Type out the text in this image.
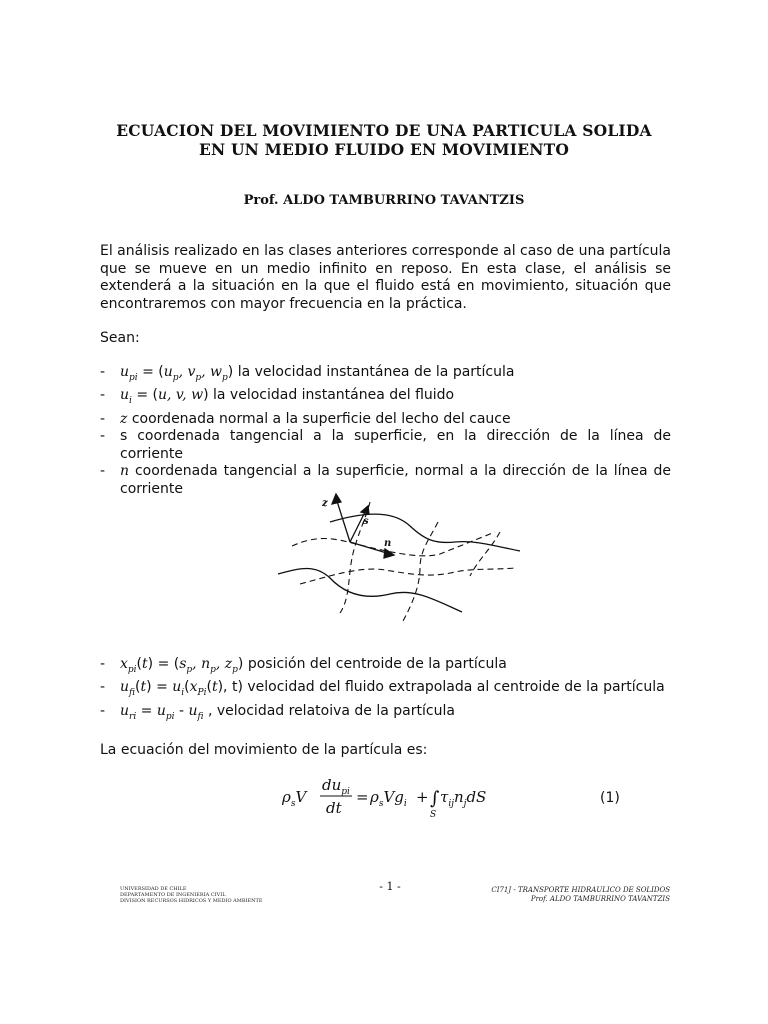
ECUACION DEL MOVIMIENTO DE UNA PARTICULA SOLIDA
EN UN MEDIO FLUIDO EN MOVIMIENTO
Prof. ALDO TAMBURRINO TAVANTZIS
El análisis realizado en las clases anteriores corresponde al caso de una partícula que se mueve en un medio infinito en reposo. En esta clase, el análisis se extenderá a la situación en la que el fluido está en movimiento, situación que encontraremos con mayor frecuencia en la práctica.
Sean:
- $u_{pi} = (u_p$, $v_p$, $w_p$) la velocidad instantánea de la partícula
- $u_i = (u$, v, w) la velocidad instantánea del fluido
- z coordenada normal a la superficie del lecho del cauce
- s coordenada tangencial a la superficie, en la dirección de la línea de corriente
- n coordenada tangencial a la superficie, normal a la dirección de la línea de corriente
z
s
n
- $x_{pi}(t) = (s_p$, $n_p$, $z_p$) posición del centroide de la partícula
- $u_{fi}(t) = u_i(x_{Pi}(t)$, t) velocidad del fluido extrapolada al centroide de la partícula
- $u_{ri} = u_{pi} - u_{fi}$ , velocidad relatoiva de la partícula
La ecuación del movimiento de la partícula es:
$\rho_sV$
$du_{pi}$
dt
= $\rho_sVg_i$ + ∫
S
$\tau_{ij}n_jdS$	(1)
- 1 -
UNIVERSIDAD DE CHILE
DEPARTAMENTO DE INGENIERIA CIVIL
DIVISION RECURSOS HIDRICOS Y MEDIO AMBIENTE
CI71J - TRANSPORTE HIDRAULICO DE SOLIDOS
Prof. ALDO TAMBURRINO TAVANTZIS
